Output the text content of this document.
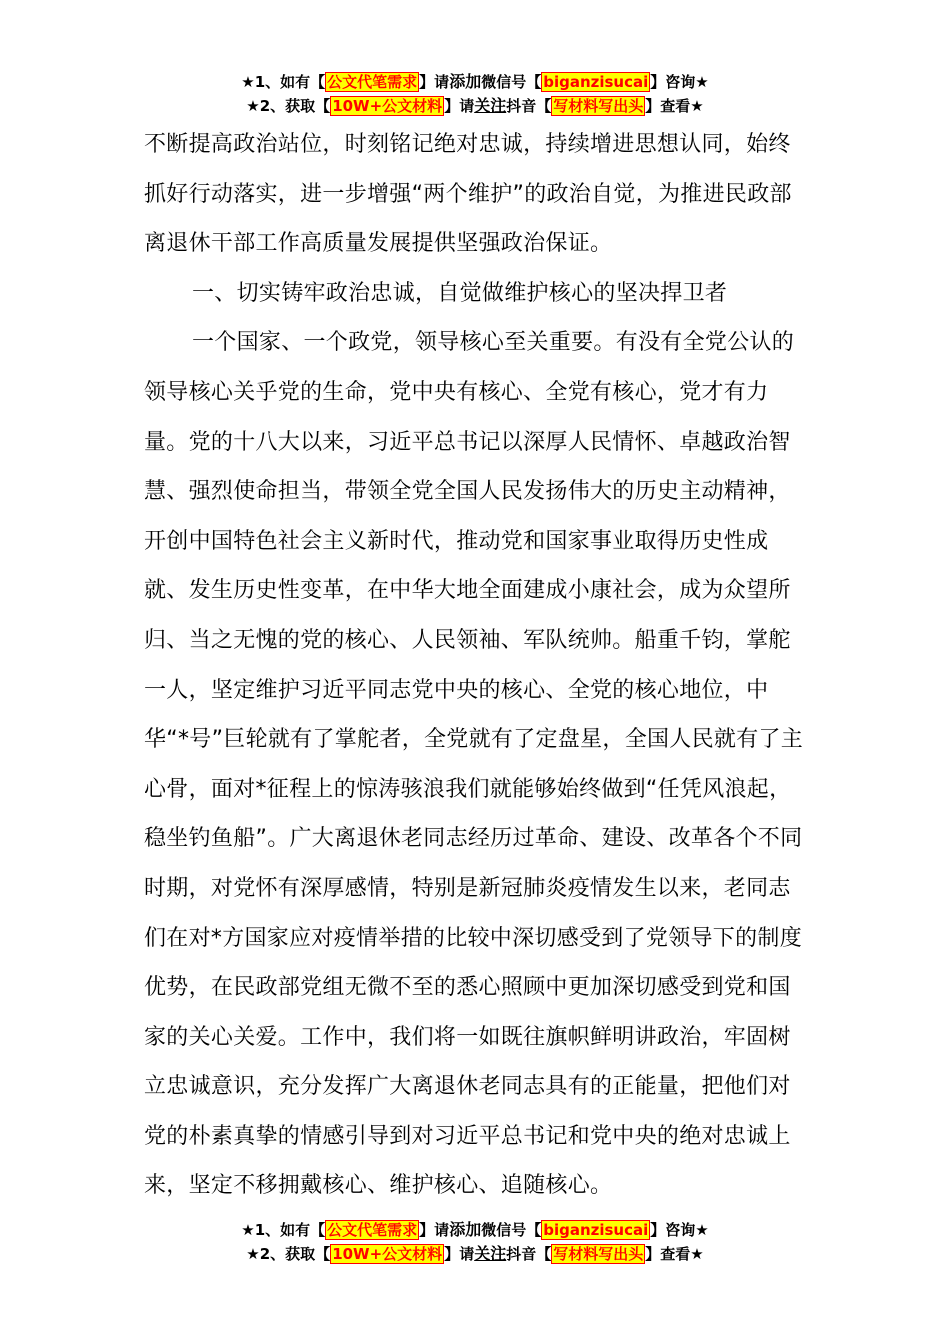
★1、如有【 公文代笔需求 】请添加微信号【 biganzisucai 】咨询★
★2、获取【 10W+公文材料 】请关注抖音【 写材料写出头 】查看★

不断提高政治站位，时刻铭记绝对忠诚，持续增进思想认同，始终抓好行动落实，进一步增强“两个维护”的政治自觉，为推进民政部离退休干部工作高质量发展提供坚强政治保证。

一、切实铸牢政治忠诚，自觉做维护核心的坚决捍卫者

一个国家、一个政党，领导核心至关重要。有没有全党公认的领导核心关乎党的生命，党中央有核心、全党有核心，党才有力量。党的十八大以来，习近平总书记以深厚人民情怀、卓越政治智慧、强烈使命担当，带领全党全国人民发扬伟大的历史主动精神，开创中国特色社会主义新时代，推动党和国家事业取得历史性成就、发生历史性变革，在中华大地全面建成小康社会，成为众望所归、当之无愧的党的核心、人民领袖、军队统帅。船重千钧，掌舵一人，坚定维护习近平同志党中央的核心、全党的核心地位，中华“*号”巨轮就有了掌舵者，全党就有了定盘星，全国人民就有了主心骨，面对*征程上的惊涛骇浪我们就能够始终做到“任凭风浪起，稳坐钓鱼船”。广大离退休老同志经历过革命、建设、改革各个不同时期，对党怀有深厚感情，特别是新冠肺炎疫情发生以来，老同志们在对*方国家应对疫情举措的比较中深切感受到了党领导下的制度优势，在民政部党组无微不至的悉心照顾中更加深切感受到党和国家的关心关爱。工作中，我们将一如既往旗帜鲜明讲政治，牢固树立忠诚意识，充分发挥广大离退休老同志具有的正能量，把他们对党的朴素真挚的情感引导到对习近平总书记和党中央的绝对忠诚上来，坚定不移拥戴核心、维护核心、追随核心。

★1、如有【 公文代笔需求 】请添加微信号【 biganzisucai 】咨询★
★2、获取【 10W+公文材料 】请关注抖音【 写材料写出头 】查看★
